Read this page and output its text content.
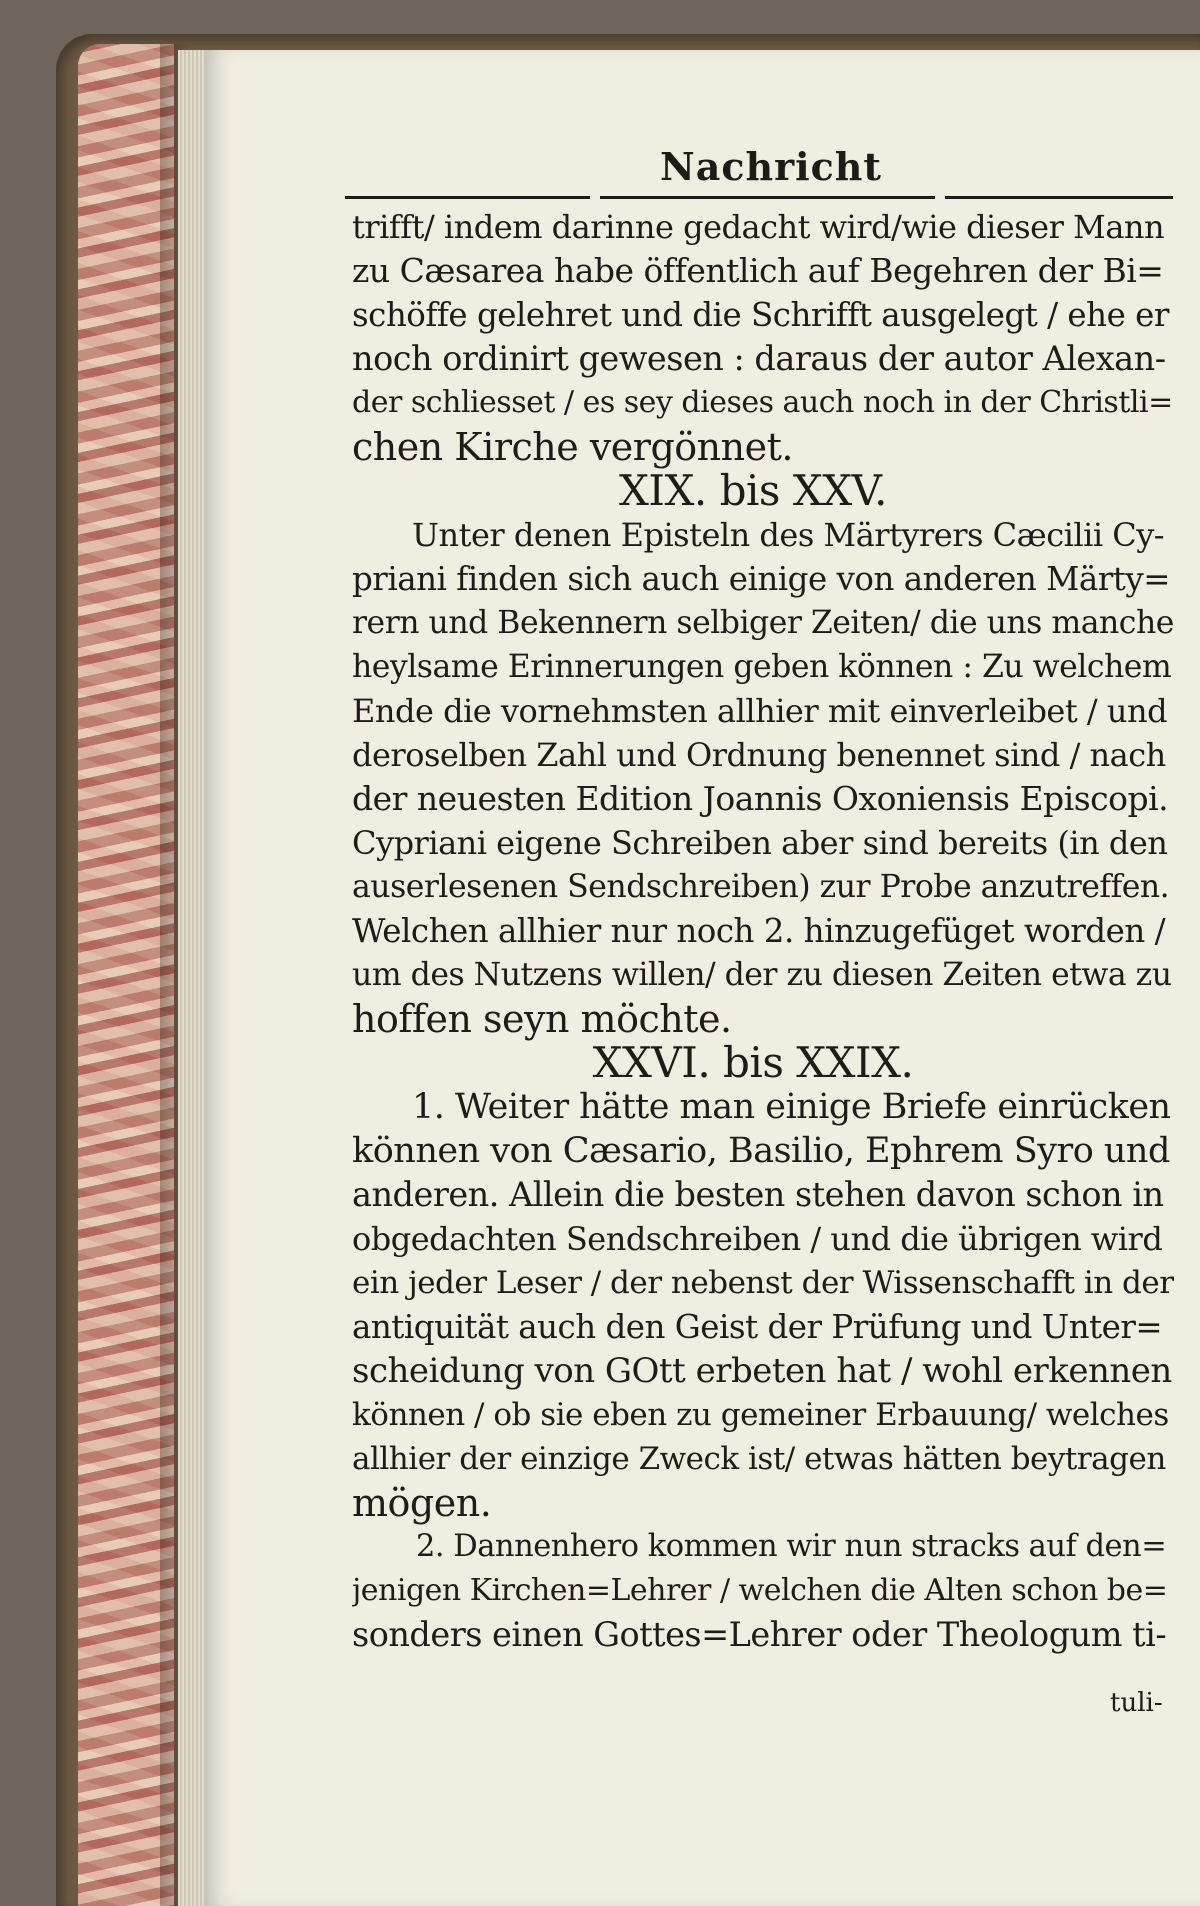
Nachricht
trifft/ indem darinne gedacht wird/wie dieser Mann
zu Cæsarea habe öffentlich auf Begehren der Bi=
schöffe gelehret und die Schrifft ausgelegt / ehe er
noch ordinirt gewesen : daraus der autor Alexan-
der schliesset / es sey dieses auch noch in der Christli=
chen Kirche vergönnet.
XIX. bis XXV.
Unter denen Episteln des Märtyrers Cæcilii Cy-
priani finden sich auch einige von anderen Märty=
rern und Bekennern selbiger Zeiten/ die uns manche
heylsame Erinnerungen geben können : Zu welchem
Ende die vornehmsten allhier mit einverleibet / und
deroselben Zahl und Ordnung benennet sind / nach
der neuesten Edition Joannis Oxoniensis Episcopi.
Cypriani eigene Schreiben aber sind bereits (in den
auserlesenen Sendschreiben) zur Probe anzutreffen.
Welchen allhier nur noch 2. hinzugefüget worden /
um des Nutzens willen/ der zu diesen Zeiten etwa zu
hoffen seyn möchte.
XXVI. bis XXIX.
1. Weiter hätte man einige Briefe einrücken
können von Cæsario, Basilio, Ephrem Syro und
anderen. Allein die besten stehen davon schon in
obgedachten Sendschreiben / und die übrigen wird
ein jeder Leser / der nebenst der Wissenschafft in der
antiquität auch den Geist der Prüfung und Unter=
scheidung von GOtt erbeten hat / wohl erkennen
können / ob sie eben zu gemeiner Erbauung/ welches
allhier der einzige Zweck ist/ etwas hätten beytragen
mögen.
2. Dannenhero kommen wir nun stracks auf den=
jenigen Kirchen=Lehrer / welchen die Alten schon be=
sonders einen Gottes=Lehrer oder Theologum ti-
tuli-
